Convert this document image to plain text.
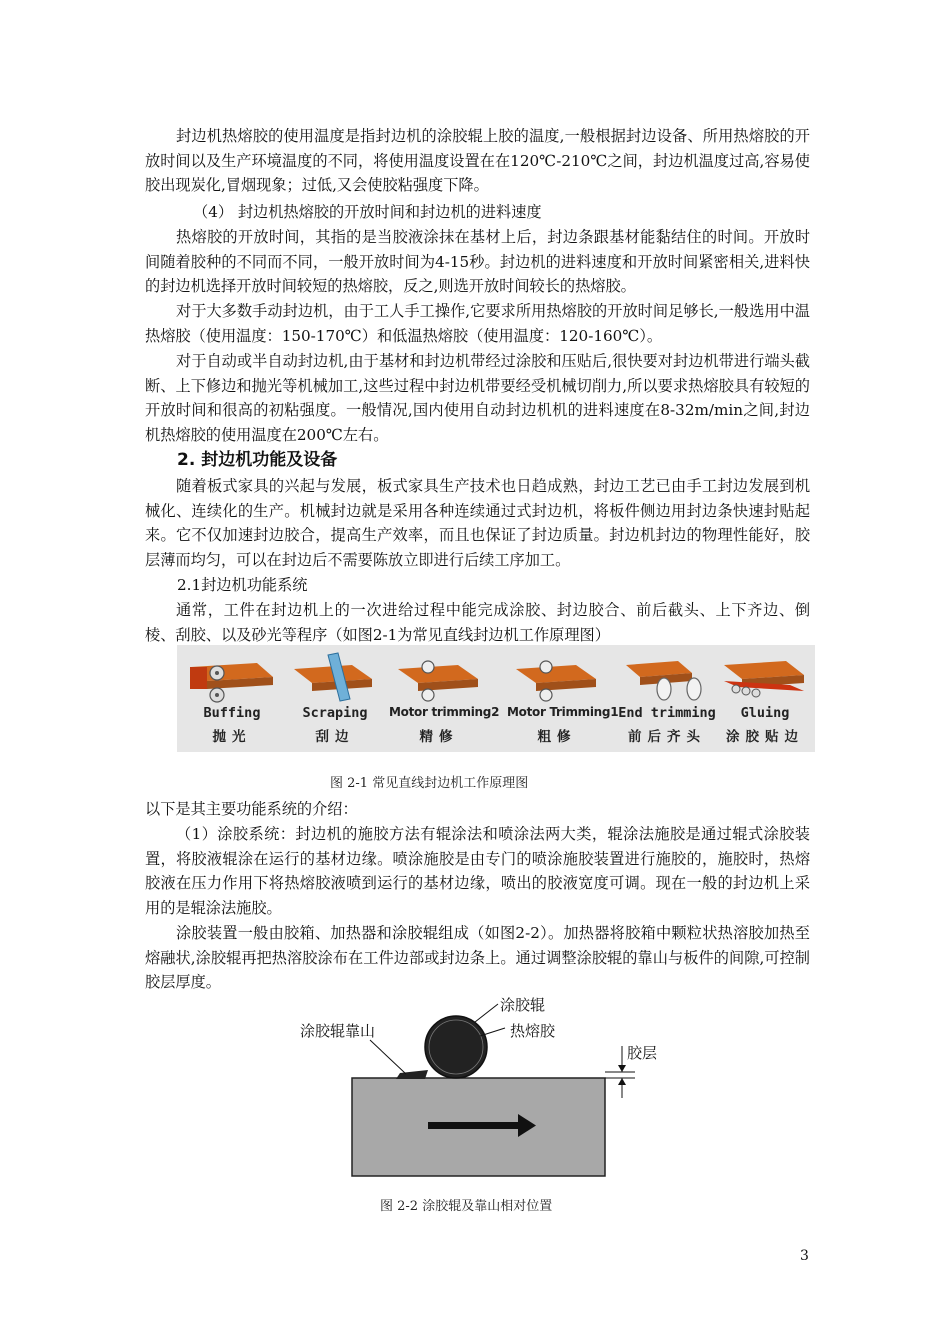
封边机热熔胶的使用温度是指封边机的涂胶辊上胶的温度,一般根据封边设备、所用热熔胶的开放时间以及生产环境温度的不同，将使用温度设置在在120℃-210℃之间，封边机温度过高,容易使胶出现炭化,冒烟现象；过低,又会使胶粘强度下降。

（4） 封边机热熔胶的开放时间和封边机的进料速度

热熔胶的开放时间，其指的是当胶液涂抹在基材上后，封边条跟基材能黏结住的时间。开放时间随着胶种的不同而不同，一般开放时间为4-15秒。封边机的进料速度和开放时间紧密相关,进料快的封边机选择开放时间较短的热熔胶，反之,则选开放时间较长的热熔胶。

对于大多数手动封边机，由于工人手工操作,它要求所用热熔胶的开放时间足够长,一般选用中温热熔胶（使用温度：150-170℃）和低温热熔胶（使用温度：120-160℃）。

对于自动或半自动封边机,由于基材和封边机带经过涂胶和压贴后,很快要对封边机带进行端头截断、上下修边和抛光等机械加工,这些过程中封边机带要经受机械切削力,所以要求热熔胶具有较短的开放时间和很高的初粘强度。一般情况,国内使用自动封边机机的进料速度在8-32m/min之间,封边机热熔胶的使用温度在200℃左右。

2. 封边机功能及设备

随着板式家具的兴起与发展，板式家具生产技术也日趋成熟，封边工艺已由手工封边发展到机械化、连续化的生产。机械封边就是采用各种连续通过式封边机，将板件侧边用封边条快速封贴起来。它不仅加速封边胶合，提高生产效率，而且也保证了封边质量。封边机封边的物理性能好，胶层薄而均匀，可以在封边后不需要陈放立即进行后续工序加工。

2.1封边机功能系统

通常，工件在封边机上的一次进给过程中能完成涂胶、封边胶合、前后截头、上下齐边、倒棱、刮胶、以及砂光等程序（如图2-1为常见直线封边机工作原理图）

Buffing
抛光
Scraping
刮边
Motor trimming2
精修
Motor Trimming1
粗修
End trimming
前后齐头
Gluing
涂胶贴边

图 2-1 常见直线封边机工作原理图

以下是其主要功能系统的介绍：

（1）涂胶系统：封边机的施胶方法有辊涂法和喷涂法两大类，辊涂法施胶是通过辊式涂胶装置，将胶液辊涂在运行的基材边缘。喷涂施胶是由专门的喷涂施胶装置进行施胶的，施胶时，热熔胶液在压力作用下将热熔胶液喷到运行的基材边缘，喷出的胶液宽度可调。现在一般的封边机上采用的是辊涂法施胶。

涂胶装置一般由胶箱、加热器和涂胶辊组成（如图2-2）。加热器将胶箱中颗粒状热溶胶加热至熔融状,涂胶辊再把热溶胶涂布在工件边部或封边条上。通过调整涂胶辊的靠山与板件的间隙,可控制胶层厚度。

涂胶辊
热熔胶
涂胶辊靠山
胶层

图 2-2 涂胶辊及靠山相对位置

3
